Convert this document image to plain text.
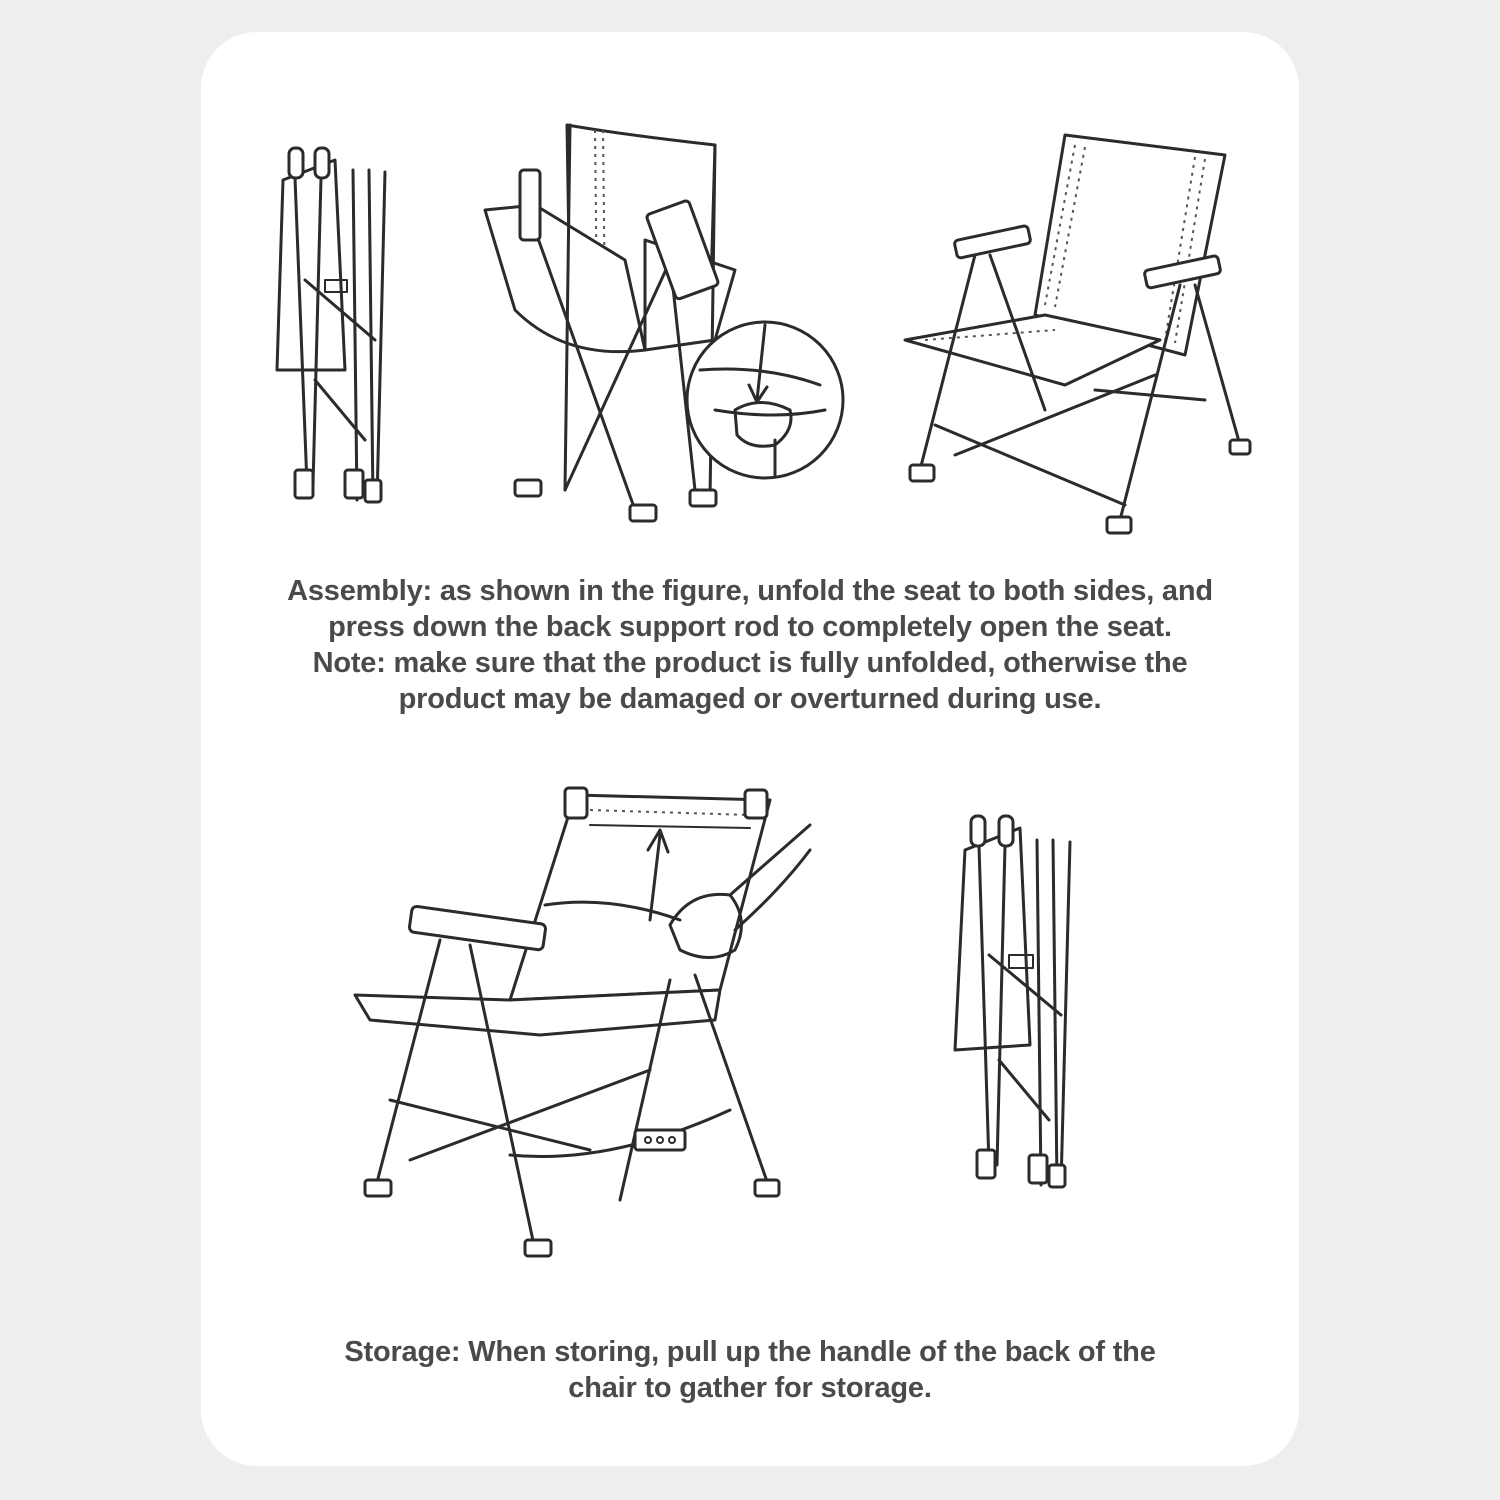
Assembly: as shown in the figure, unfold the seat to both sides, and

press down the back support rod to completely open the seat.

Note: make sure that the product is fully unfolded, otherwise the

product may be damaged or overturned during use.

Storage: When storing, pull up the handle of the back of the

chair to gather for storage.
